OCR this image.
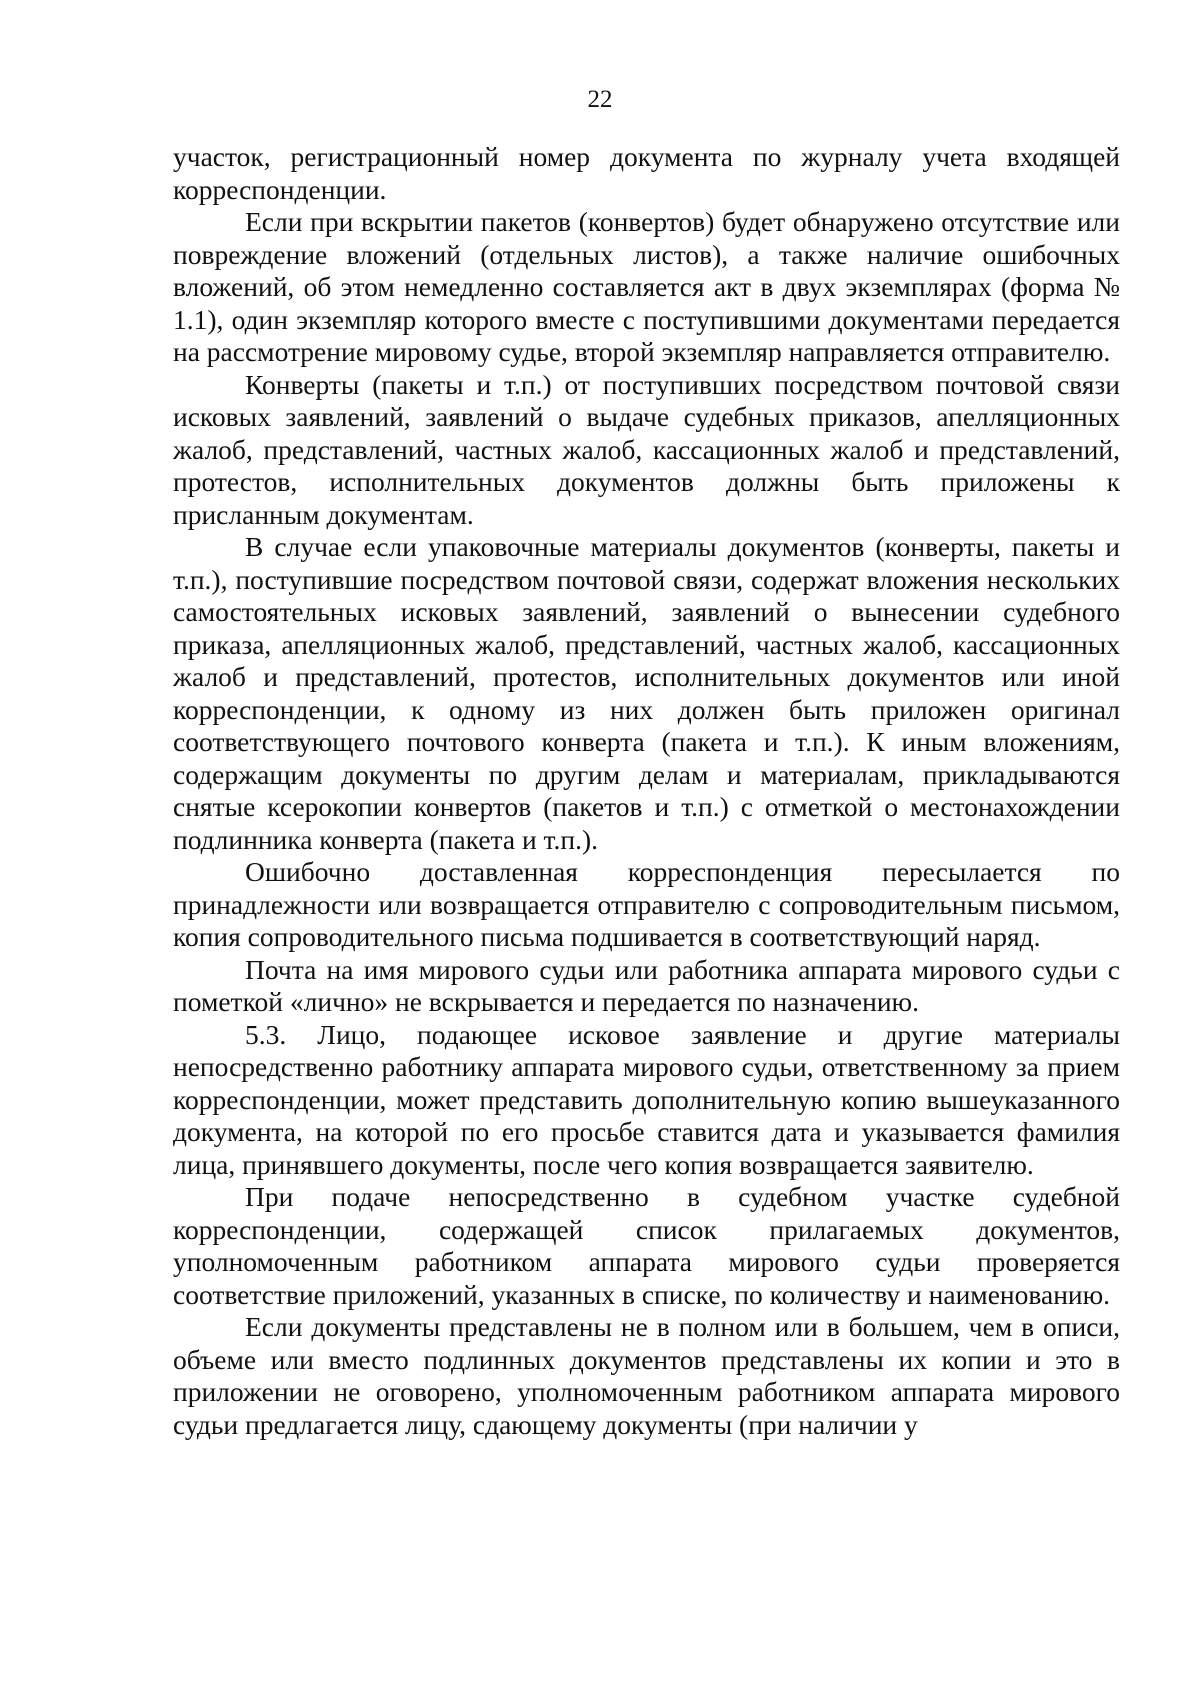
22

участок, регистрационный номер документа по журналу учета входящей корреспонденции.

Если при вскрытии пакетов (конвертов) будет обнаружено отсутствие или повреждение вложений (отдельных листов), а также наличие ошибочных вложений, об этом немедленно составляется акт в двух экземплярах (форма № 1.1), один экземпляр которого вместе с поступившими документами передается на рассмотрение мировому судье, второй экземпляр направляется отправителю.

Конверты (пакеты и т.п.) от поступивших посредством почтовой связи исковых заявлений, заявлений о выдаче судебных приказов, апелляционных жалоб, представлений, частных жалоб, кассационных жалоб и представлений, протестов, исполнительных документов должны быть приложены к присланным документам.

В случае если упаковочные материалы документов (конверты, пакеты и т.п.), поступившие посредством почтовой связи, содержат вложения нескольких самостоятельных исковых заявлений, заявлений о вынесении судебного приказа, апелляционных жалоб, представлений, частных жалоб, кассационных жалоб и представлений, протестов, исполнительных документов или иной корреспонденции, к одному из них должен быть приложен оригинал соответствующего почтового конверта (пакета и т.п.). К иным вложениям, содержащим документы по другим делам и материалам, прикладываются снятые ксерокопии конвертов (пакетов и т.п.) с отметкой о местонахождении подлинника конверта (пакета и т.п.).

Ошибочно доставленная корреспонденция пересылается по принадлежности или возвращается отправителю с сопроводительным письмом, копия сопроводительного письма подшивается в соответствующий наряд.

Почта на имя мирового судьи или работника аппарата мирового судьи с пометкой «лично» не вскрывается и передается по назначению.

5.3. Лицо, подающее исковое заявление и другие материалы непосредственно работнику аппарата мирового судьи, ответственному за прием корреспонденции, может представить дополнительную копию вышеуказанного документа, на которой по его просьбе ставится дата и указывается фамилия лица, принявшего документы, после чего копия возвращается заявителю.

При подаче непосредственно в судебном участке судебной корреспонденции, содержащей список прилагаемых документов, уполномоченным работником аппарата мирового судьи проверяется соответствие приложений, указанных в списке, по количеству и наименованию.

Если документы представлены не в полном или в большем, чем в описи, объеме или вместо подлинных документов представлены их копии и это в приложении не оговорено, уполномоченным работником аппарата мирового судьи предлагается лицу, сдающему документы (при наличии у
